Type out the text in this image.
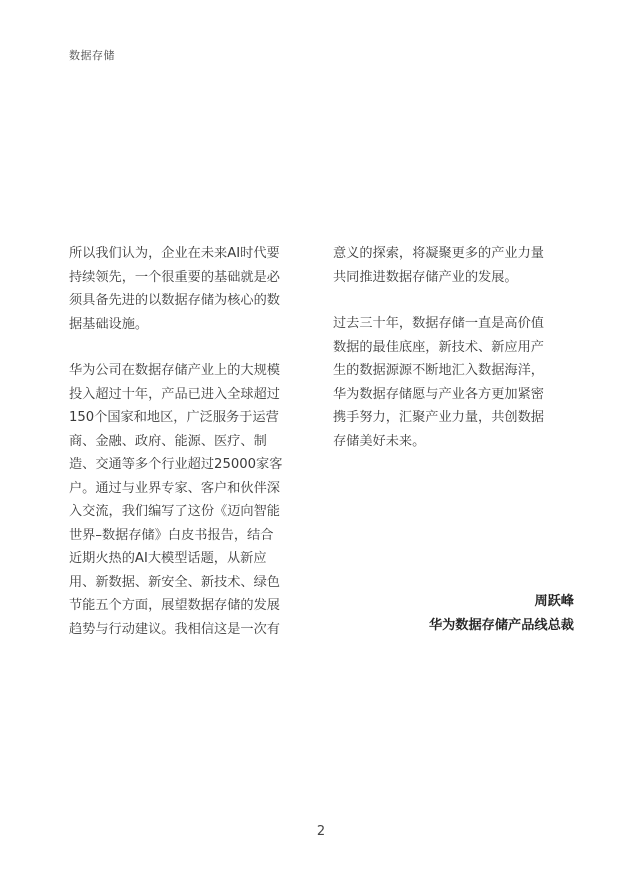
数据存储
所以我们认为，企业在未来AI时代要
持续领先，一个很重要的基础就是必
须具备先进的以数据存储为核心的数
据基础设施。
华为公司在数据存储产业上的大规模
投入超过十年，产品已进入全球超过
150个国家和地区，广泛服务于运营
商、金融、政府、能源、医疗、制
造、交通等多个行业超过25000家客
户。通过与业界专家、客户和伙伴深
入交流，我们编写了这份《迈向智能
世界–数据存储》白皮书报告，结合
近期火热的AI大模型话题，从新应
用、新数据、新安全、新技术、绿色
节能五个方面，展望数据存储的发展
趋势与行动建议。我相信这是一次有
意义的探索，将凝聚更多的产业力量
共同推进数据存储产业的发展。
过去三十年，数据存储一直是高价值
数据的最佳底座，新技术、新应用产
生的数据源源不断地汇入数据海洋，
华为数据存储愿与产业各方更加紧密
携手努力，汇聚产业力量，共创数据
存储美好未来。
周跃峰
华为数据存储产品线总裁
2
